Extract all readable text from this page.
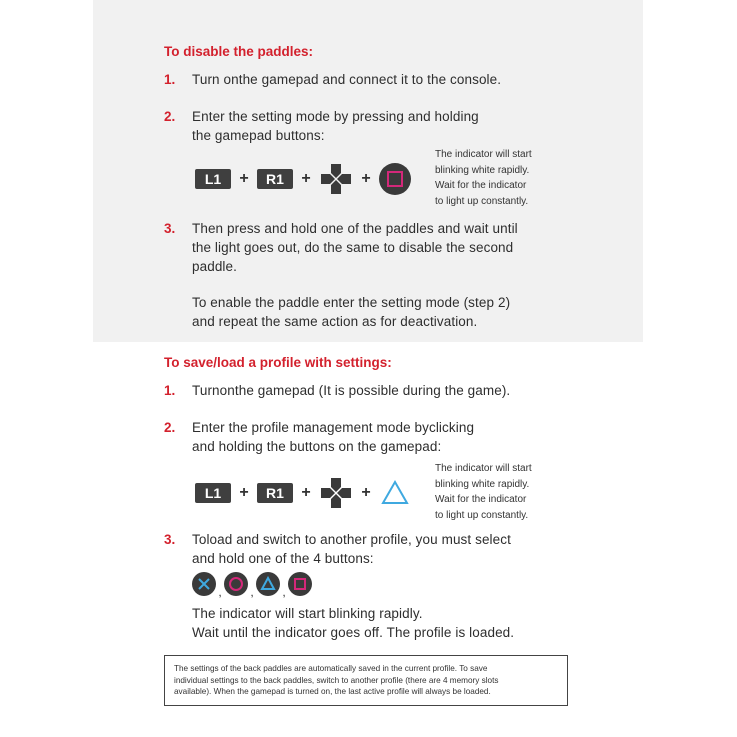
To disable the paddles:
1. Turn onthe gamepad and connect it to the console.
2. Enter the setting mode by pressing and holding
the gamepad buttons:
L1	+	R1	+	+
The indicator will start
blinking white rapidly.
Wait for the indicator
to light up constantly.
3. Then press and hold one of the paddles and wait until
the light goes out, do the same to disable the second
paddle.
To enable the paddle enter the setting mode (step 2)
and repeat the same action as for deactivation.
To save/load a profile with settings:
1. Turnonthe gamepad (It is possible during the game).
2. Enter the profile management mode byclicking
and holding the buttons on the gamepad:
L1	+	R1	+	+
The indicator will start
blinking white rapidly.
Wait for the indicator
to light up constantly.
3. Toload and switch to another profile, you must select
and hold one of the 4 buttons:
, , ,
The indicator will start blinking rapidly.
Wait until the indicator goes off. The profile is loaded.
The settings of the back paddles are automatically saved in the current profile. To save
individual settings to the back paddles, switch to another profile (there are 4 memory slots
available). When the gamepad is turned on, the last active profile will always be loaded.
